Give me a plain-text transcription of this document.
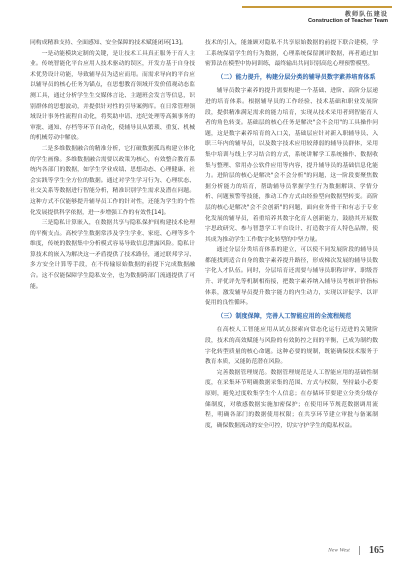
教师队伍建设
Construction of Teacher Team

同构成精准支持、全面感知、安全保障的技术赋能闭环[13]。

一是动能模块定制的关键，是让技术工具真正服务于育人主业。传统智能化平台应用人技术驱动的误区，开发方基于自身技术优势设计功能，导致辅导员为适应而用。而需求导向的平台应以辅导员的核心任务为锚点，在思想教育领域开发价值观动态监测工具，通过分析学生生交媒体言论、主题班会发言等信息，识别群体的思想波动，并提供针对性的引导案例库。在日常管理领域设计事务性流程自动化，将奖助申请、违纪处理等高频事务的审批、通知、存档等环节自动化，使辅导员从繁琐、重复、机械的机械劳动中解放。

二是多维数据融合的精准分析，它打破数据孤岛构建立体化的学生画像。多维数据融合需要以政策为核心，有效整合教育系统内各部门的数据，如学生学业成绩、思想动态、心理健康、社会实践等学生全方位的数据。通过对学生学习行为、心理状态、社交关系等数据进行智能分析，精准识别学生需求及潜在问题。这种方式不仅能够提升辅导员工作的针对性，还能为学生的个性化发展提供科学依据，进一步增强工作的有效性[14]。

三是隐私计算嵌入，在数据共享与隐私保护间构建技术伦理的平衡支点。高校学生数据常涉及学生学业、家庭、心理等多个维度，传统的数据集中分析模式容易导致信息泄露风险。隐私计算技术的嵌入为解决这一矛盾提供了技术路径，通过联邦学习、多方安全计算等手段，在不传输原始数据的前提下完成数据融合。这不仅能保障学生隐私安全，也为数据跨部门流通提供了可能。

技术的引入，能兼顾对隐私不共享原始数据的前提下联合建模，学工系统保留学生的行为数据，心理系统保留测评数据，再者通过加密算法在模型中协同训练，最终输出共同识别高危心理预警模型。

（二）能力提升，构建分层分类的辅导员数字素养培育体系

辅导员数字素养的提升需要构建一个基础、进阶、高阶分层递进的培育体系。根据辅导员的工作经验、技术基础和职业发展阶段，提供精准满足需求的能力培育，实现从技术采用者到智能育人者的角色转变。基础层的核心任务是解决"会不会用"的工具操作问题，这是数字素养培育的入口关，基础层应针对新入职辅导员、入职三年内的辅导员，以及数字技术应用较薄弱的辅导员群体，采用集中培训与线上学习结合的方式，系统讲解学工系统操作、数据收集与整理、常用办公软件应用等内容，提升辅导员的基础信息化能力。进阶层的核心是解决"会不会分析"的问题，这一阶段要聚焦数据分析能力的培育，帮助辅导员掌握学生行为数据解读、学情分析、问题预警等技能，推动工作方式由经验型向数据型转变。高阶层的核心是解决"会不会创新"的问题，面向业务骨干和有志于专业化发展的辅导员，着重培养其数字化育人创新能力，鼓励其开展数字思政研究、参与智慧学工平台设计、打造数字育人特色品牌，使其成为推动学生工作数字化转型的中坚力量。

通过分层分类培育体系的建立，可以使不同发展阶段的辅导员都能找到适合自身的数字素养提升路径，形成梯次发展的辅导员数字化人才队伍。同时，分层培育还需要与辅导员职称评审、职级晋升、评优评先等机制相衔接，把数字素养纳入辅导员考核评价指标体系，激发辅导员提升数字能力的内生动力，实现以评促学、以评促用的良性循环。

（三）制度保障，完善人工智能应用的全流程规范

在高校人工智能应用从试点探索向常态化运行迈进的关键阶段，技术的高效赋能与风险的有效防控之间的平衡，已成为制约数字化转型质量的核心命题。这种必要的规制，既能确保技术服务于教育本质，又能防范潜在风险。

完善数据管理规范。数据管理规范是人工智能应用的基础性制度，在采集环节明确数据采集的范围、方式与权限，坚持最小必要原则，避免过度收集学生个人信息；在存储环节要建立分类分级存储制度，对敏感数据实施加密保护；在使用环节规范数据调用流程，明确各部门的数据使用权限；在共享环节建立审批与备案制度，确保数据流动的安全可控，切实守护学生的隐私权益。

New West 165
